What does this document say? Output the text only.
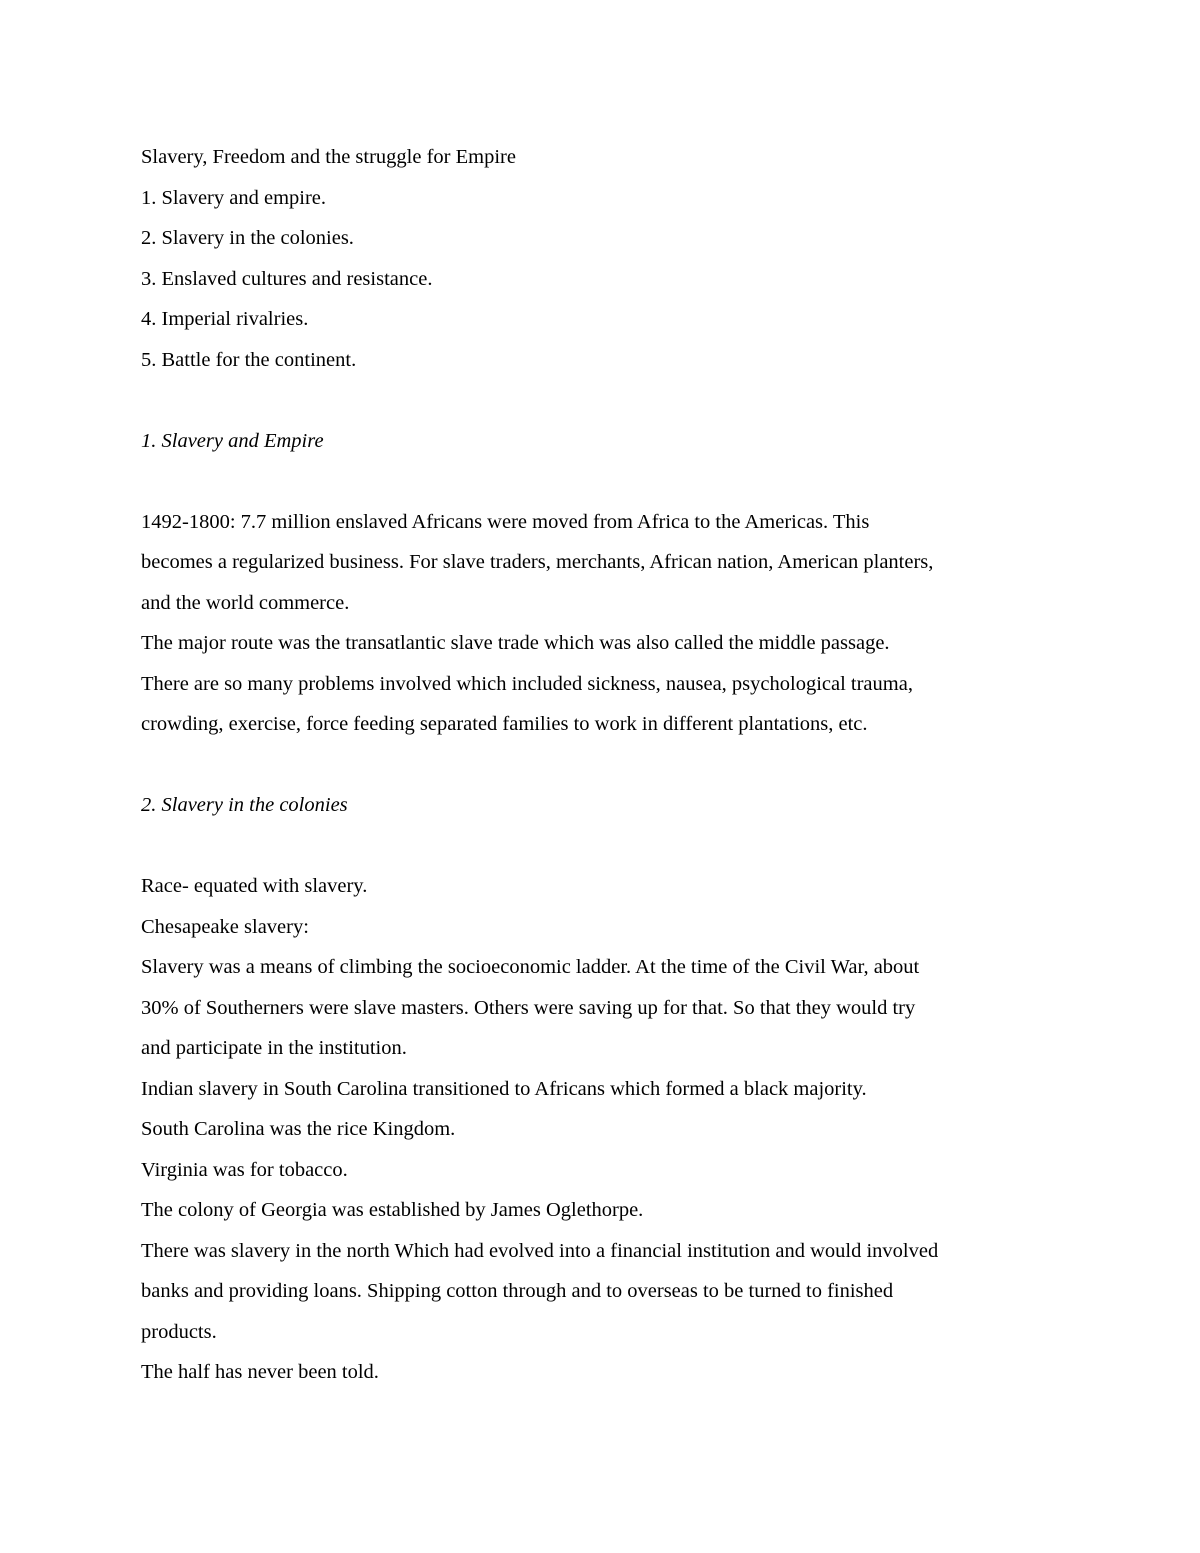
Slavery, Freedom and the struggle for Empire
1. Slavery and empire.
2. Slavery in the colonies.
3. Enslaved cultures and resistance.
4. Imperial rivalries.
5. Battle for the continent.
1. Slavery and Empire
1492-1800: 7.7 million enslaved Africans were moved from Africa to the Americas. This
becomes a regularized business. For slave traders, merchants, African nation, American planters,
and the world commerce.
The major route was the transatlantic slave trade which was also called the middle passage.
There are so many problems involved which included sickness, nausea, psychological trauma,
crowding, exercise, force feeding separated families to work in different plantations, etc.
2. Slavery in the colonies
Race- equated with slavery.
Chesapeake slavery:
Slavery was a means of climbing the socioeconomic ladder. At the time of the Civil War, about
30% of Southerners were slave masters. Others were saving up for that. So that they would try
and participate in the institution.
Indian slavery in South Carolina transitioned to Africans which formed a black majority.
South Carolina was the rice Kingdom.
Virginia was for tobacco.
The colony of Georgia was established by James Oglethorpe.
There was slavery in the north Which had evolved into a financial institution and would involved
banks and providing loans. Shipping cotton through and to overseas to be turned to finished
products.
The half has never been told.
